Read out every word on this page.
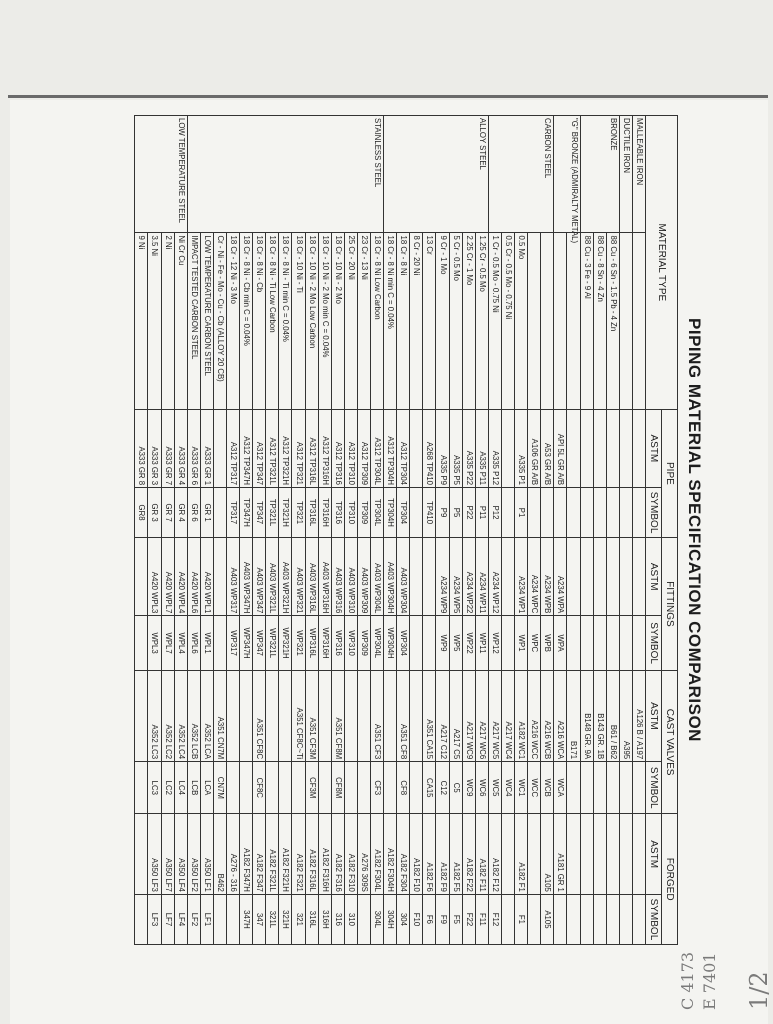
PIPING MATERIAL SPECIFICATION COMPARISON
MATERIAL TYPE		PIPE		FITTINGS		CAST VALVES		FORGED	
		ASTM	SYMBOL	ASTM	SYMBOL	ASTM	SYMBOL	ASTM	SYMBOL
MALLEABLE IRON						A126 B / A197			
DUCTILE IRON						A395			
BRONZE	88 Cu - 6 Sn - 1.5 Pb - 4 Zn					B61 / B62			
	88 Cu - 8 Sn - 4 Zn					B143 GR. 1B			
	88 Cu - 3 Fe - 9 Al					B148 GR. 9A			
"G" BRONZE (ADMIRALTY METAL)						B171			
		API 5L GR A/B		A234 WPA	WPA	A216 WCA	WCA	A181 GR 1	
CARBON STEEL		A53 GR A/B		A234 WPB	WPB	A216 WCB	WCB	A105	A105
		A106 GR A/B		A234 WPC	WPC	A216 WCC	WCC		
	0.5 Mo	A335 P1	P1	A234 WP1	WP1	A182 WC1	WC1	A182 F1	F1
	0.5 Cr - 0.5 Mo - 0.75 Ni					A217 WC4	WC4		
	1 Cr - 0.5 Mo - 0.75 Ni	A335 P12	P12	A234 WP12	WP12	A217 WC5	WC5	A182 F12	F12
ALLOY STEEL	1.25 Cr - 0.5 Mo	A335 P11	P11	A234 WP11	WP11	A217 WC6	WC6	A182 F11	F11
	2.25 Cr - 1 Mo	A335 P22	P22	A234 WP22	WP22	A217 WC9	WC9	A182 F22	F22
	5 Cr - 0.5 Mo	A335 P5	P5	A234 WP5	WP5	A217 C5	C5	A182 F5	F5
	9 Cr - 1 Mo	A335 P9	P9	A234 WP9	WP9	A217 C12	C12	A182 F9	F9
	13 Cr	A268 TP410	TP410			A351 CA15	CA15	A182 F6	F6
	8 Cr - 20 Ni							A182 F10	F10
	18 Cr - 8 Ni	A312 TP304	TP304	A403 WP304	WP304	A351 CF8	CF8	A182 F304	304
	18 Cr - 8 Ni min C = 0.04%	A312 TP304H	TP304H	A403 WP304H	WP304H			A182 F304H	304H
STAINLESS STEEL	18 Cr - 8 Ni Low Carbon	A312 TP304L	TP304L	A403 WP304L	WP304L	A351 CF3	CF3	A182 F304L	304L
	23 Cr - 13 Ni	A312 TP309	TP309	A403 WP309	WP309			A276 309S	
	25 Cr - 20 Ni	A312 TP310	TP310	A403 WP310	WP310			A182 F310	310
	18 Cr - 10 Ni - 2 Mo	A312 TP316	TP316	A403 WP316	WP316	A351 CF8M	CF8M	A182 F316	316
	18 Cr - 10 Ni - 2 Mo min C = 0.04%	A312 TP316H	TP316H	A403 WP316H	WP316H			A182 F316H	316H
	18 Cr - 10 Ni - 2 Mo Low Carbon	A312 TP316L	TP316L	A403 WP316L	WP316L	A351 CF3M	CF3M	A182 F316L	316L
	18 Cr - 10 Ni - Ti	A312 TP321	TP321	A403 WP321	WP321	A351 CF8C~Ti		A182 F321	321
	18 Cr - 8 Ni - Ti min C = 0.04%	A312 TP321H	TP321H	A403 WP321H	WP321H			A182 F321H	321H
	18 Cr - 8 Ni - Ti Low Carbon	A312 TP321L	TP321L	A403 WP321L	WP321L			A182 F321L	321L
	18 Cr - 8 Ni - Cb	A312 TP347	TP347	A403 WP347	WP347	A351 CF8C	CF8C	A182 F347	347
	18 Cr - 8 Ni - Cb min C = 0.04%	A312 TP347H	TP347H	A403 WP347H	WP347H			A182 F347H	347H
	18 Cr - 12 Ni - 3 Mo	A312 TP317	TP317	A403 WP317	WP317			A276 - 316	
	Cr - Ni - Fe - Mo - Cu - Cb (ALLOY 20 CB)					A351 CN7M	CN7M	B462	
	LOW TEMPERATURE CARBON STEEL	A333 GR 1	GR 1	A420 WPL1	WPL1	A352 LCA	LCA	A350 LF1	LF1
	IMPACT TESTED CARBON STEEL	A333 GR 6	GR 6	A420 WPL6	WPL6	A352 LCB	LCB	A350 LF2	LF2
LOW TEMPERATURE STEEL	Ni Cr Cu	A333 GR 4	GR 4	A420 WPL4	WPL4	A352 LC4	LC4	A350 LF4	LF4
	2 Ni	A333 GR 7	GR 7	A420 WPL7	WPL7	A352 LC2	LC2	A350 LF7	LF7
	3.5 Ni	A333 GR 3	GR 3	A420 WPL3	WPL3	A352 LC3	LC3	A350 LF3	LF3
	9 Ni	A333 GR 8	GR8						
1/2
E 7401
C 4173
